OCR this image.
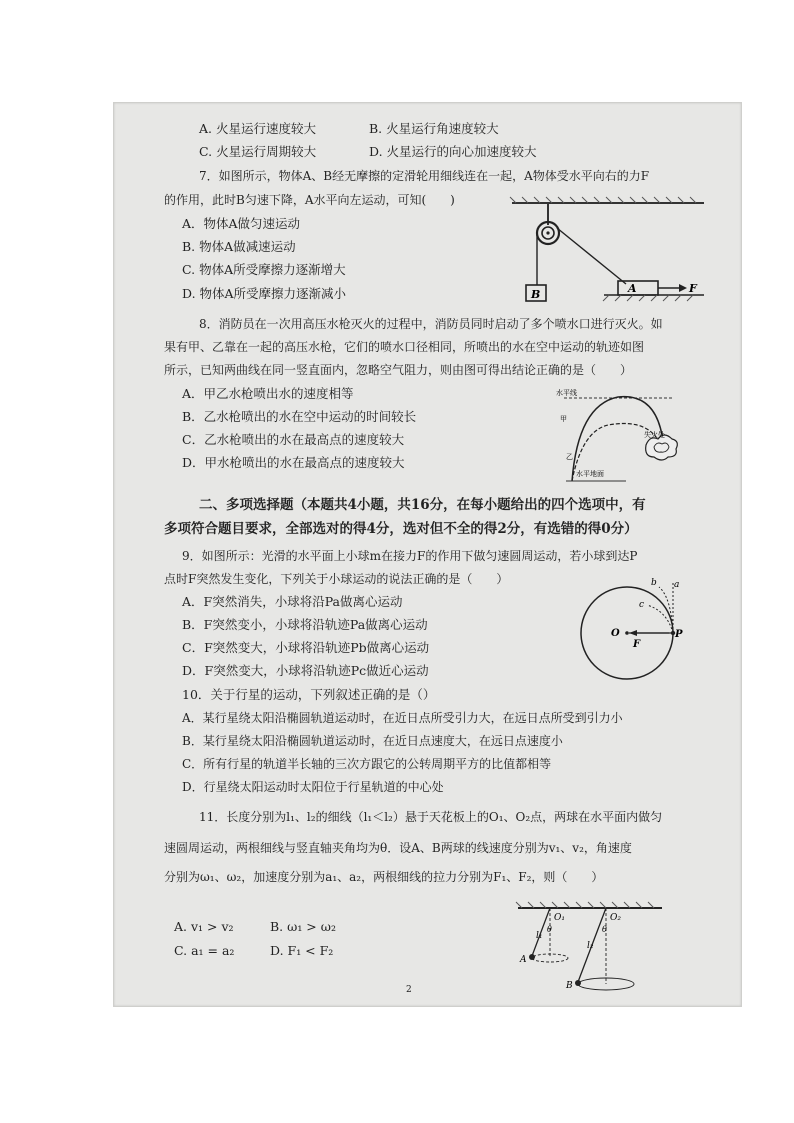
A. 火星运行速度较大	B. 火星运行角速度较大
C. 火星运行周期较大	D. 火星运行的向心加速度较大
7．如图所示，物体A、B经无摩擦的定滑轮用细线连在一起，A物体受水平向右的力F
的作用，此时B匀速下降，A水平向左运动，可知(　　)
A．物体A做匀速运动
B. 物体A做减速运动
C. 物体A所受摩擦力逐渐增大
D. 物体A所受摩擦力逐渐减小	B	A	F
8．消防员在一次用高压水枪灭火的过程中，消防员同时启动了多个喷水口进行灭火。如
果有甲、乙靠在一起的高压水枪，它们的喷水口径相同，所喷出的水在空中运动的轨迹如图
所示，已知两曲线在同一竖直面内，忽略空气阻力，则由图可得出结论正确的是（　　）
A．甲乙水枪喷出水的速度相等
B．乙水枪喷出的水在空中运动的时间较长
C．乙水枪喷出的水在最高点的速度较大
D．甲水枪喷出的水在最高点的速度较大
水平线
甲
乙
失火处
水平地面
二、多项选择题（本题共4小题，共16分，在每小题给出的四个选项中，有
多项符合题目要求，全部选对的得4分，选对但不全的得2分，有选错的得0分）
9．如图所示：光滑的水平面上小球m在接力F的作用下做匀速圆周运动，若小球到达P
点时F突然发生变化，下列关于小球运动的说法正确的是（　　）
A．F突然消失，小球将沿Pa做离心运动
B．F突然变小，小球将沿轨迹Pa做离心运动
C．F突然变大，小球将沿轨迹Pb做离心运动
D．F突然变大，小球将沿轨迹Pc做近心运动
O
F
P
a
b
c
10．关于行星的运动，下列叙述正确的是（）
A．某行星绕太阳沿椭圆轨道运动时，在近日点所受引力大，在远日点所受到引力小
B．某行星绕太阳沿椭圆轨道运动时，在近日点速度大，在远日点速度小
C．所有行星的轨道半长轴的三次方跟它的公转周期平方的比值都相等
D．行星绕太阳运动时太阳位于行星轨道的中心处
11．长度分别为l₁、l₂的细线（l₁＜l₂）悬于天花板上的O₁、O₂点，两球在水平面内做匀
速圆周运动，两根细线与竖直轴夹角均为θ．设A、B两球的线速度分别为v₁、v₂，角速度
分别为ω₁、ω₂，加速度分别为a₁、a₂，两根细线的拉力分别为F₁、F₂，则（　　）
A. v₁ > v₂	B. ω₁ > ω₂
C. a₁ = a₂	D. F₁ < F₂
O₁	O₂
l₁
θ
A
l₂
θ
B
2
